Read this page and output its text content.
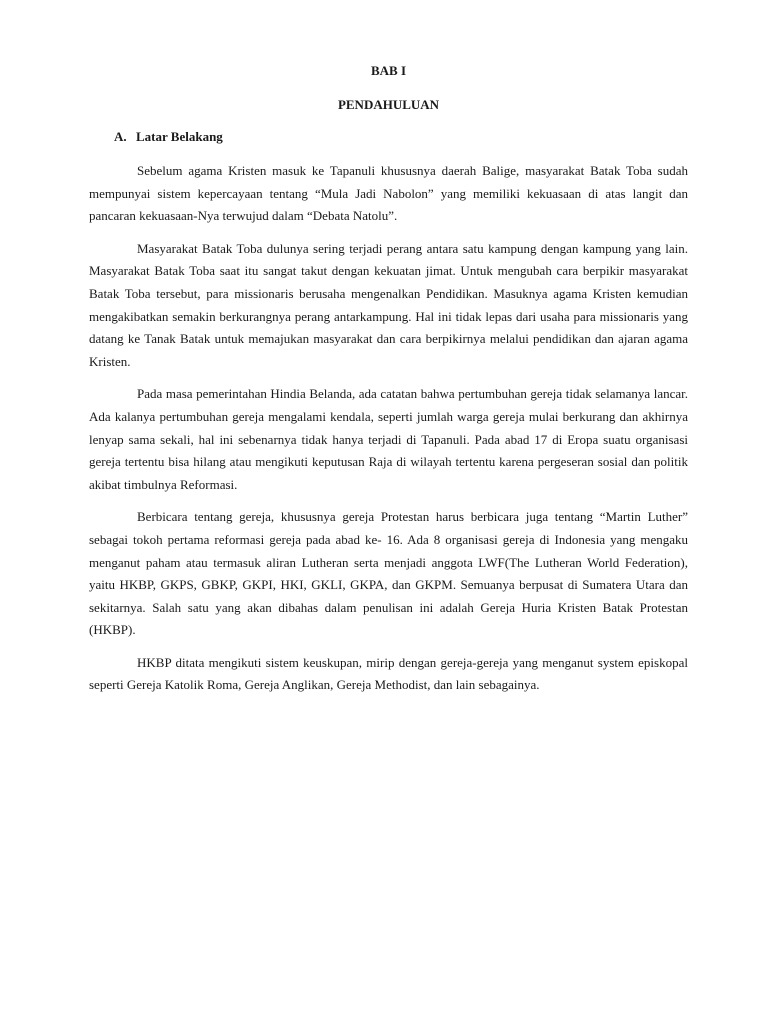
BAB I
PENDAHULUAN
A. Latar Belakang

Sebelum agama Kristen masuk ke Tapanuli khususnya daerah Balige, masyarakat Batak Toba sudah mempunyai sistem kepercayaan tentang “Mula Jadi Nabolon” yang memiliki kekuasaan di atas langit dan pancaran kekuasaan-Nya terwujud dalam “Debata Natolu”.

Masyarakat Batak Toba dulunya sering terjadi perang antara satu kampung dengan kampung yang lain. Masyarakat Batak Toba saat itu sangat takut dengan kekuatan jimat. Untuk mengubah cara berpikir masyarakat Batak Toba tersebut, para missionaris berusaha mengenalkan Pendidikan. Masuknya agama Kristen kemudian mengakibatkan semakin berkurangnya perang antarkampung. Hal ini tidak lepas dari usaha para missionaris yang datang ke Tanak Batak untuk memajukan masyarakat dan cara berpikirnya melalui pendidikan dan ajaran agama Kristen.

Pada masa pemerintahan Hindia Belanda, ada catatan bahwa pertumbuhan gereja tidak selamanya lancar. Ada kalanya pertumbuhan gereja mengalami kendala, seperti jumlah warga gereja mulai berkurang dan akhirnya lenyap sama sekali, hal ini sebenarnya tidak hanya terjadi di Tapanuli. Pada abad 17 di Eropa suatu organisasi gereja tertentu bisa hilang atau mengikuti keputusan Raja di wilayah tertentu karena pergeseran sosial dan politik akibat timbulnya Reformasi.

Berbicara tentang gereja, khususnya gereja Protestan harus berbicara juga tentang “Martin Luther” sebagai tokoh pertama reformasi gereja pada abad ke- 16. Ada 8 organisasi gereja di Indonesia yang mengaku menganut paham atau termasuk aliran Lutheran serta menjadi anggota LWF(The Lutheran World Federation), yaitu HKBP, GKPS, GBKP, GKPI, HKI, GKLI, GKPA, dan GKPM. Semuanya berpusat di Sumatera Utara dan sekitarnya. Salah satu yang akan dibahas dalam penulisan ini adalah Gereja Huria Kristen Batak Protestan (HKBP).

HKBP ditata mengikuti sistem keuskupan, mirip dengan gereja-gereja yang menganut system episkopal seperti Gereja Katolik Roma, Gereja Anglikan, Gereja Methodist, dan lain sebagainya.
